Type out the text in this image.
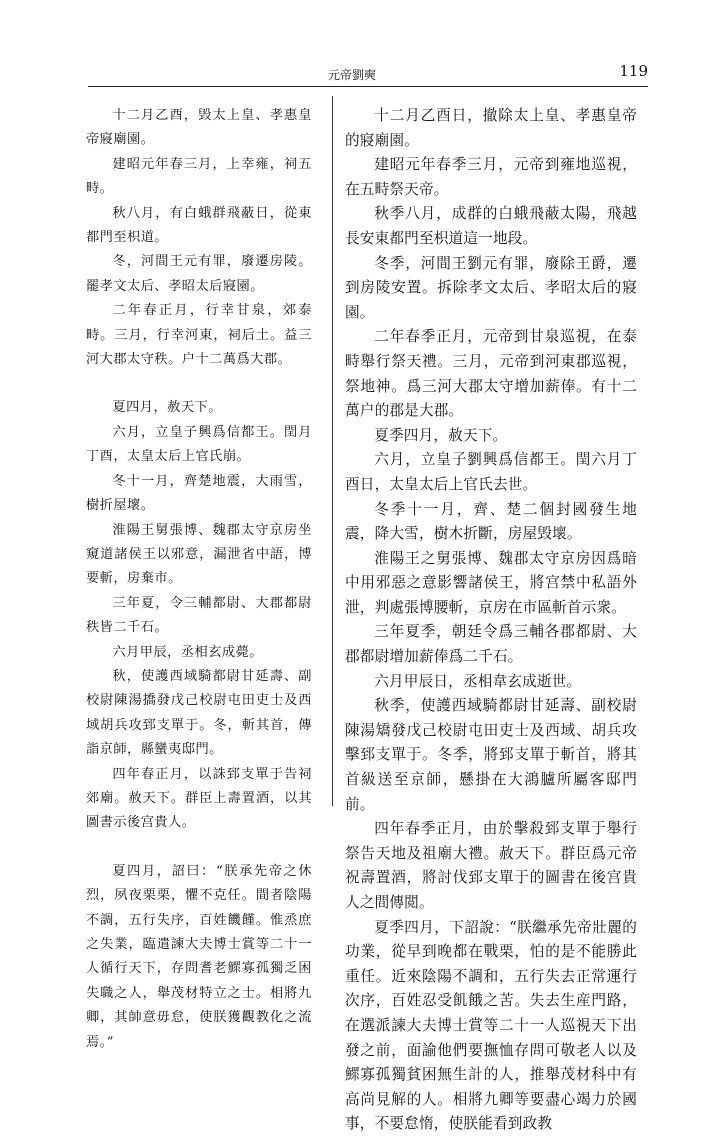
元帝劉奭	119

十二月乙酉，毁太上皇、孝惠皇帝寢廟園。

建昭元年春三月，上幸雍，祠五畤。

秋八月，有白蛾群飛蔽日，從東都門至枳道。

冬，河間王元有罪，廢遷房陵。罷孝文太后、孝昭太后寢園。

二年春正月，行幸甘泉，郊泰畤。三月，行幸河東，祠后土。益三河大郡太守秩。户十二萬爲大郡。

夏四月，赦天下。

六月，立皇子興爲信都王。閏月丁酉，太皇太后上官氏崩。

冬十一月，齊楚地震，大雨雪，樹折屋壞。

淮陽王舅張博、魏郡太守京房坐窺道諸侯王以邪意，漏泄省中語，博要斬，房棄市。

三年夏，令三輔都尉、大郡都尉秩皆二千石。

六月甲辰，丞相玄成薨。

秋，使護西域騎都尉甘延壽、副校尉陳湯撟發戊己校尉屯田吏士及西域胡兵攻郅支單于。冬，斬其首，傳詣京師，縣蠻夷邸門。

四年春正月，以誅郅支單于告祠郊廟。赦天下。群臣上壽置酒，以其圖書示後宫貴人。

夏四月，詔曰：“朕承先帝之休烈，夙夜栗栗，懼不克任。間者陰陽不調，五行失序，百姓饑饉。惟烝庶之失業，臨遣諫大夫博士賞等二十一人循行天下，存問耆老鰥寡孤獨乏困失職之人，舉茂材特立之士。相將九卿，其帥意毋怠，使朕獲觀教化之流焉。”

十二月乙酉日，撤除太上皇、孝惠皇帝的寢廟園。

建昭元年春季三月，元帝到雍地巡視，在五畤祭天帝。

秋季八月，成群的白蛾飛蔽太陽，飛越長安東都門至枳道這一地段。

冬季，河間王劉元有罪，廢除王爵，遷到房陵安置。拆除孝文太后、孝昭太后的寢園。

二年春季正月，元帝到甘泉巡視，在泰畤舉行祭天禮。三月，元帝到河東郡巡視，祭地神。爲三河大郡太守增加薪俸。有十二萬户的郡是大郡。

夏季四月，赦天下。

六月，立皇子劉興爲信都王。閏六月丁酉日，太皇太后上官氏去世。

冬季十一月，齊、楚二個封國發生地震，降大雪，樹木折斷，房屋毁壞。

淮陽王之舅張博、魏郡太守京房因爲暗中用邪惡之意影響諸侯王，將宫禁中私語外泄，判處張博腰斬，京房在市區斬首示衆。

三年夏季，朝廷令爲三輔各郡都尉、大郡都尉增加薪俸爲二千石。

六月甲辰日，丞相韋玄成逝世。

秋季，使護西域騎都尉甘延壽、副校尉陳湯矯發戊己校尉屯田吏士及西域、胡兵攻擊郅支單于。冬季，將郅支單于斬首，將其首級送至京師，懸掛在大鴻臚所屬客邸門前。

四年春季正月，由於擊殺郅支單于舉行祭告天地及祖廟大禮。赦天下。群臣爲元帝祝壽置酒，將討伐郅支單于的圖書在後宫貴人之間傳閲。

夏季四月，下詔說：“朕繼承先帝壯麗的功業，從早到晚都在戰栗，怕的是不能勝此重任。近來陰陽不調和，五行失去正常運行次序，百姓忍受飢餓之苦。失去生産門路，在選派諫大夫博士賞等二十一人巡視天下出發之前，面諭他們要撫恤存問可敬老人以及鰥寡孤獨貧困無生計的人，推舉茂材科中有高尚見解的人。相將九卿等要盡心竭力於國事，不要怠惰，使朕能看到政教
